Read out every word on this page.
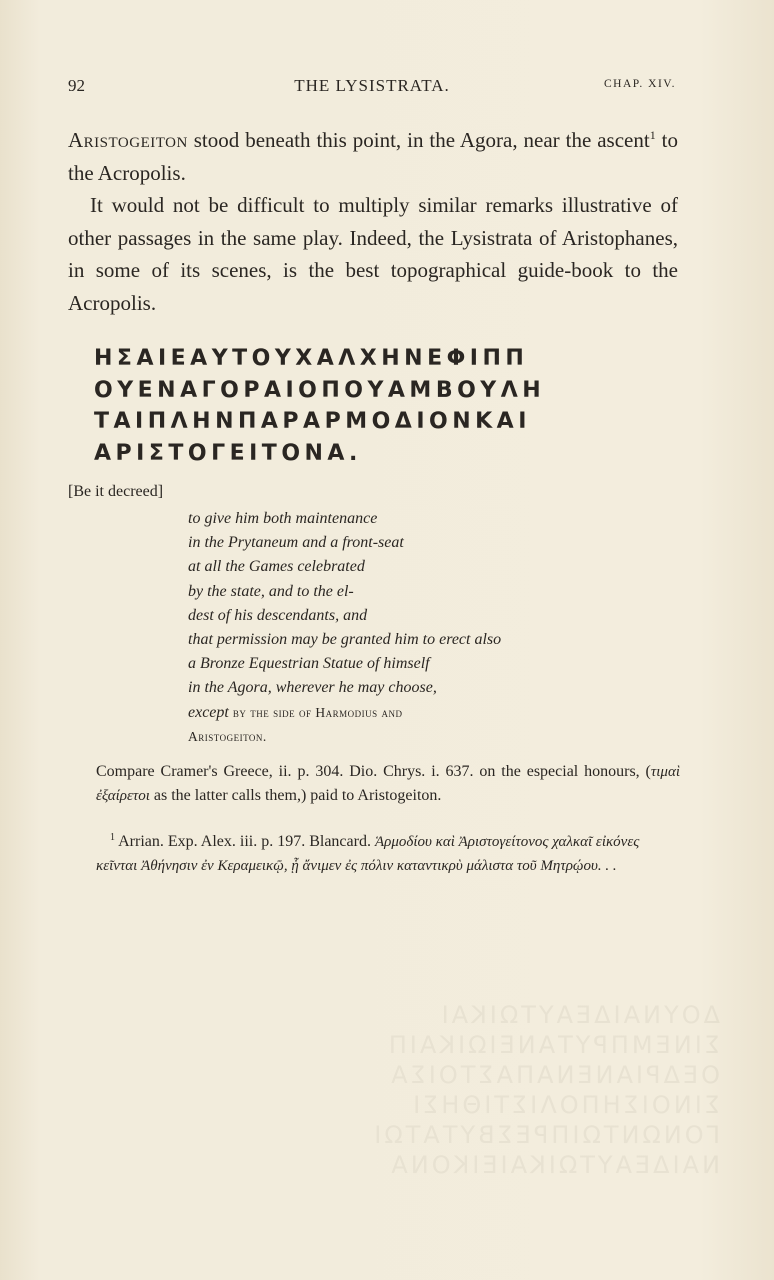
ΔΟΥΝΑΙΔΕΑΥΤΩΙΚΑΙ
ΣΙΝΕΜΠΡΥΤΑΝΕΙΩΙΚΑΙΠ
ΟΕΔΡΙΑΝΕΝΑΠΑΣΤΟΙΣΑ
ΣΙΝΟΙΣΗΠΟΛΙΣΤΙΘΗΣΙ
ΓΟΝΩΝΤΩΙΠΡΕΣΒΥΤΑΤΩΙ
ΝΑΙΔΕΑΥΤΩΙΚΑΙΕΙΚΟΝΑ
92	THE LYSISTRATA.	CHAP. XIV.

Aristogeiton stood beneath this point, in the Agora, near the ascent$^1$ to the Acropolis.

It would not be difficult to multiply similar remarks illustrative of other passages in the same play. Indeed, the Lysistrata of Aristophanes, in some of its scenes, is the best topographical guide-book to the Acropolis.

ΗΣΑΙΕΑΥΤΟΥΧΑΛΧΗΝΕΦΙΠΠ
ΟΥΕΝΑΓΟΡΑΙΟΠΟΥΑΜΒΟΥΛΗ
ΤΑΙΠΛΗΝΠΑΡΑΡΜΟΔΙΟΝΚΑΙ
ΑΡΙΣΤΟΓΕΙΤΟΝΑ.
[Be it decreed]
to give him both maintenance
in the Prytaneum and a front-seat
at all the Games celebrated
by the state, and to the el-
dest of his descendants, and
that permission may be granted him to erect also
a Bronze Equestrian Statue of himself
in the Agora, wherever he may choose,
except by the side of Harmodius and
Aristogeiton.

Compare Cramer's Greece, ii. p. 304. Dio. Chrys. i. 637. on the especial honours, (τιμαὶ ἐξαίρετοι as the latter calls them,) paid to Aristogeiton.

$^1$ Arrian. Exp. Alex. iii. p. 197. Blancard. Ἁρμοδίου καὶ Ἀριστογείτονος χαλκαῖ εἰκόνες κεῖνται Ἀθήνησιν ἐν Κεραμεικῷ, ᾗ ἄνιμεν ἐς πόλιν καταντικρὺ μάλιστα τοῦ Μητρῴου. . .
